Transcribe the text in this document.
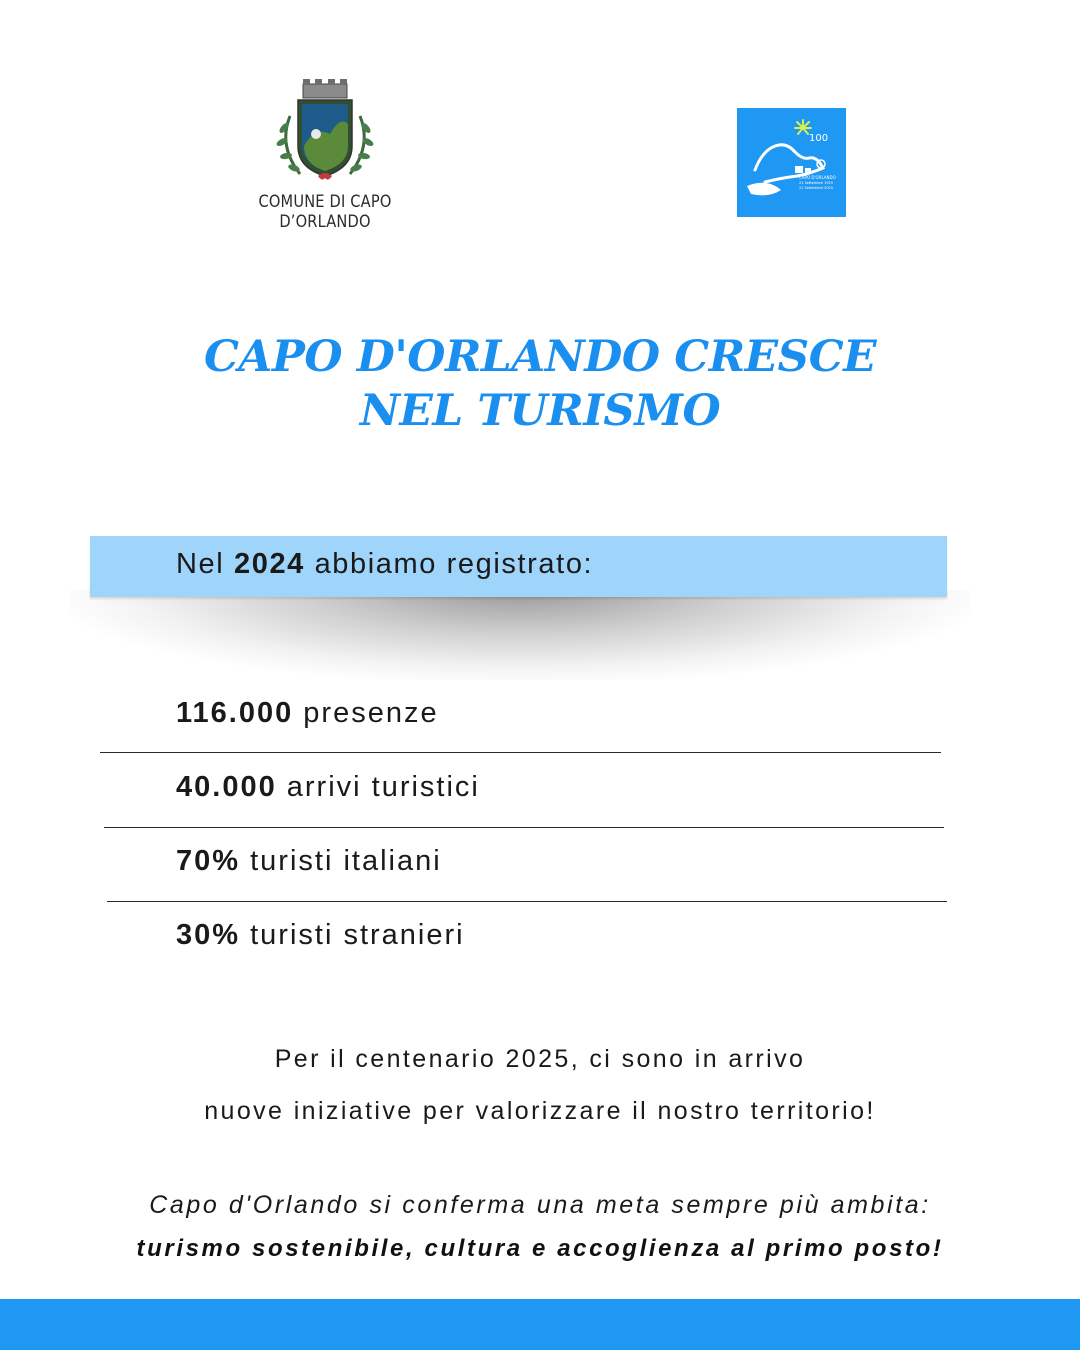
COMUNE DI CAPO D’ORLANDO
100
CAPO D'ORLANDO
21 Settembre 1925
21 Settembre 2025
CAPO D'ORLANDO CRESCE
NEL TURISMO
Nel 2024 abbiamo registrato:
116.000 presenze
40.000 arrivi turistici
70% turisti italiani
30% turisti stranieri
Per il centenario 2025, ci sono in arrivo
nuove iniziative per valorizzare il nostro territorio!
Capo d'Orlando si conferma una meta sempre più ambita:
turismo sostenibile, cultura e accoglienza al primo posto!
